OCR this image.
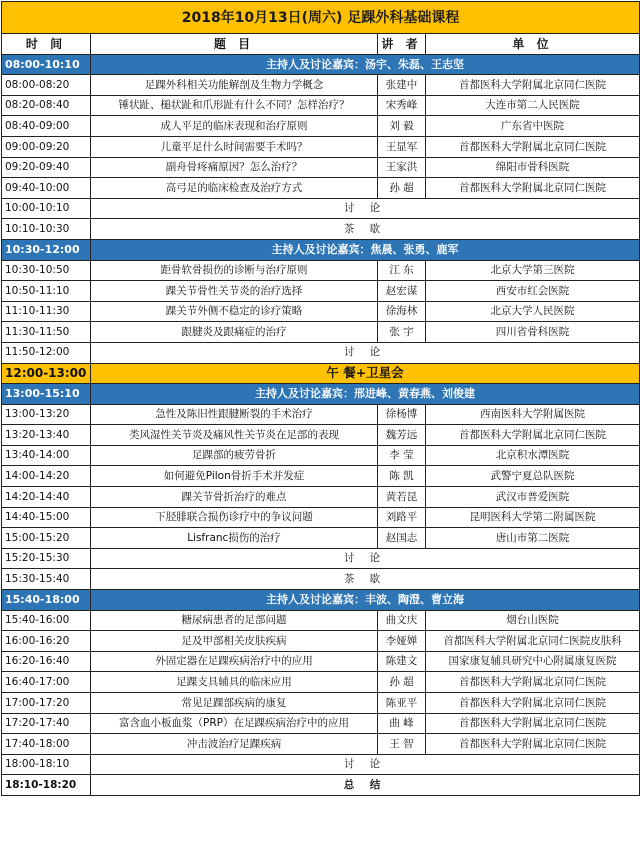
2018年10月13日(周六) 足踝外科基础课程			
时 间	题 目	讲 者	单 位
08:00-10:10	主持人及讨论嘉宾：汤宇、朱磊、王志坚		
08:00-08:20	足踝外科相关功能解剖及生物力学概念	张建中	首都医科大学附属北京同仁医院
08:20-08:40	锤状趾、槌状趾和爪形趾有什么不同？怎样治疗？	宋秀峰	大连市第二人民医院
08:40-09:00	成人平足的临床表现和治疗原则	刘 毅	广东省中医院
09:00-09:20	儿童平足什么时间需要手术吗？	王显军	首都医科大学附属北京同仁医院
09:20-09:40	副舟骨疼痛原因？怎么治疗？	王家洪	绵阳市骨科医院
09:40-10:00	高弓足的临床检查及治疗方式	孙 超	首都医科大学附属北京同仁医院
10:00-10:10	讨 论		
10:10-10:30	茶 歇		
10:30-12:00	主持人及讨论嘉宾：焦晨、张勇、鹿军		
10:30-10:50	距骨软骨损伤的诊断与治疗原则	江 东	北京大学第三医院
10:50-11:10	踝关节骨性关节炎的治疗选择	赵宏谋	西安市红会医院
11:10-11:30	踝关节外侧不稳定的诊疗策略	徐海林	北京大学人民医院
11:30-11:50	跟腱炎及跟痛症的治疗	张 宇	四川省骨科医院
11:50-12:00	讨 论		
12:00-13:00	午 餐+卫星会		
13:00-15:10	主持人及讨论嘉宾：邢进峰、黄春燕、刘俊建		
13:00-13:20	急性及陈旧性跟腱断裂的手术治疗	徐杨博	西南医科大学附属医院
13:20-13:40	类风湿性关节炎及痛风性关节炎在足部的表现	魏芳远	首都医科大学附属北京同仁医院
13:40-14:00	足踝部的疲劳骨折	李 莹	北京积水潭医院
14:00-14:20	如何避免Pilon骨折手术并发症	陈 凯	武警宁夏总队医院
14:20-14:40	踝关节骨折治疗的难点	黄若昆	武汉市普爱医院
14:40-15:00	下胫腓联合损伤诊疗中的争议问题	刘路平	昆明医科大学第二附属医院
15:00-15:20	Lisfranc损伤的治疗	赵国志	唐山市第二医院
15:20-15:30	讨 论		
15:30-15:40	茶 歇		
15:40-18:00	主持人及讨论嘉宾：丰波、陶澄、曹立海		
15:40-16:00	糖尿病患者的足部问题	曲文庆	烟台山医院
16:00-16:20	足及甲部相关皮肤疾病	李娅婵	首都医科大学附属北京同仁医院皮肤科
16:20-16:40	外固定器在足踝疾病治疗中的应用	陈建文	国家康复辅具研究中心附属康复医院
16:40-17:00	足踝支具辅具的临床应用	孙 超	首都医科大学附属北京同仁医院
17:00-17:20	常见足踝部疾病的康复	陈亚平	首都医科大学附属北京同仁医院
17:20-17:40	富含血小板血浆（PRP）在足踝疾病治疗中的应用	曲 峰	首都医科大学附属北京同仁医院
17:40-18:00	冲击波治疗足踝疾病	王 智	首都医科大学附属北京同仁医院
18:00-18:10	讨 论		
18:10-18:20	总 结		
